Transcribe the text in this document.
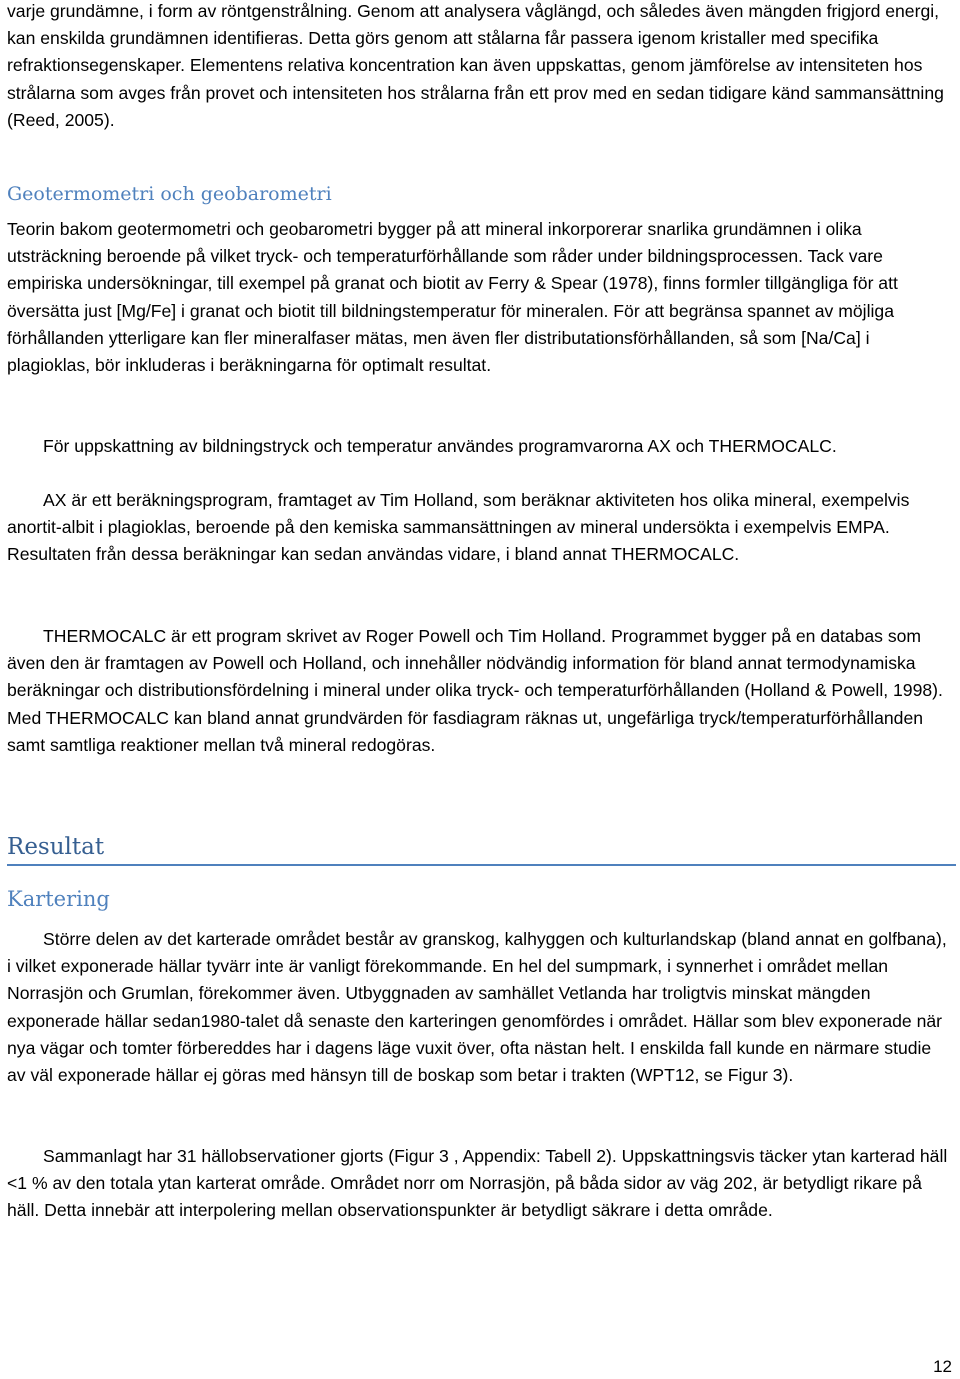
varje grundämne, i form av röntgenstrålning. Genom att analysera våglängd, och således även mängden frigjord energi, kan enskilda grundämnen identifieras. Detta görs genom att stålarna får passera igenom kristaller med specifika refraktionsegenskaper. Elementens relativa koncentration kan även uppskattas, genom jämförelse av intensiteten hos strålarna som avges från provet och intensiteten hos strålarna från ett prov med en sedan tidigare känd sammansättning (Reed, 2005).

Geotermometri och geobarometri

Teorin bakom geotermometri och geobarometri bygger på att mineral inkorporerar snarlika grundämnen i olika utsträckning beroende på vilket tryck- och temperaturförhållande som råder under bildningsprocessen. Tack vare empiriska undersökningar, till exempel på granat och biotit av Ferry & Spear (1978), finns formler tillgängliga för att översätta just [Mg/Fe] i granat och biotit till bildningstemperatur för mineralen. För att begränsa spannet av möjliga förhållanden ytterligare kan fler mineralfaser mätas, men även fler distributationsförhållanden, så som [Na/Ca] i plagioklas, bör inkluderas i beräkningarna för optimalt resultat.

För uppskattning av bildningstryck och temperatur användes programvarorna AX och THERMOCALC.

AX är ett beräkningsprogram, framtaget av Tim Holland, som beräknar aktiviteten hos olika mineral, exempelvis anortit-albit i plagioklas, beroende på den kemiska sammansättningen av mineral undersökta i exempelvis EMPA. Resultaten från dessa beräkningar kan sedan användas vidare, i bland annat THERMOCALC.

THERMOCALC är ett program skrivet av Roger Powell och Tim Holland. Programmet bygger på en databas som även den är framtagen av Powell och Holland, och innehåller nödvändig information för bland annat termodynamiska beräkningar och distributionsfördelning i mineral under olika tryck- och temperaturförhållanden (Holland & Powell, 1998). Med THERMOCALC kan bland annat grundvärden för fasdiagram räknas ut, ungefärliga tryck/temperaturförhållanden samt samtliga reaktioner mellan två mineral redogöras.

Resultat
Kartering

Större delen av det karterade området består av granskog, kalhyggen och kulturlandskap (bland annat en golfbana), i vilket exponerade hällar tyvärr inte är vanligt förekommande. En hel del sumpmark, i synnerhet i området mellan Norrasjön och Grumlan, förekommer även. Utbyggnaden av samhället Vetlanda har troligtvis minskat mängden exponerade hällar sedan1980-talet då senaste den karteringen genomfördes i området. Hällar som blev exponerade när nya vägar och tomter förbereddes har i dagens läge vuxit över, ofta nästan helt. I enskilda fall kunde en närmare studie av väl exponerade hällar ej göras med hänsyn till de boskap som betar i trakten (WPT12, se Figur 3).

Sammanlagt har 31 hällobservationer gjorts (Figur 3 , Appendix: Tabell 2). Uppskattningsvis täcker ytan karterad häll <1 % av den totala ytan karterat område. Området norr om Norrasjön, på båda sidor av väg 202, är betydligt rikare på häll. Detta innebär att interpolering mellan observationspunkter är betydligt säkrare i detta område.

12
